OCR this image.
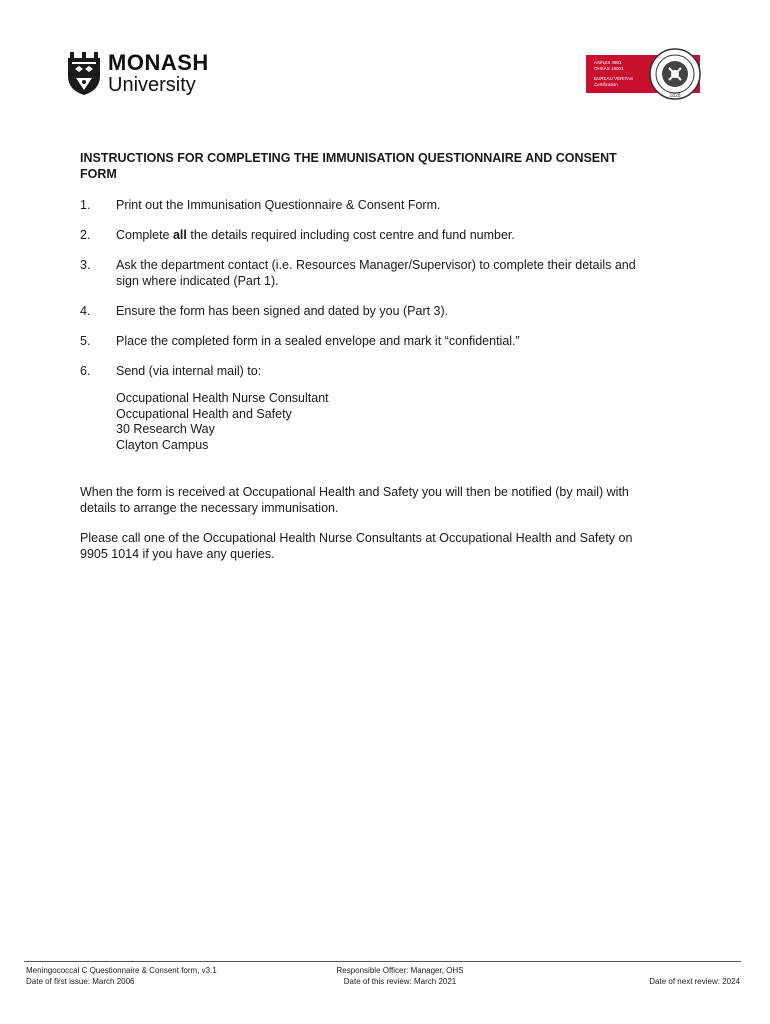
MONASH
University
AS/NZS 4801
OHSAS 18001
BUREAU VERITAS
Certification
1828
INSTRUCTIONS FOR COMPLETING THE IMMUNISATION QUESTIONNAIRE AND CONSENT FORM
1. Print out the Immunisation Questionnaire & Consent Form.
2. Complete all the details required including cost centre and fund number.
3. Ask the department contact (i.e. Resources Manager/Supervisor) to complete their details and sign where indicated (Part 1).
4. Ensure the form has been signed and dated by you (Part 3).
5. Place the completed form in a sealed envelope and mark it “confidential.”
6. Send (via internal mail) to:
Occupational Health Nurse Consultant
Occupational Health and Safety
30 Research Way
Clayton Campus

When the form is received at Occupational Health and Safety you will then be notified (by mail) with details to arrange the necessary immunisation.

Please call one of the Occupational Health Nurse Consultants at Occupational Health and Safety on 9905 1014 if you have any queries.

Meningococcal C Questionnaire & Consent form, v3.1
Date of first issue: March 2006
Responsible Officer: Manager, OHS
Date of this review: March 2021	Date of next review: 2024
